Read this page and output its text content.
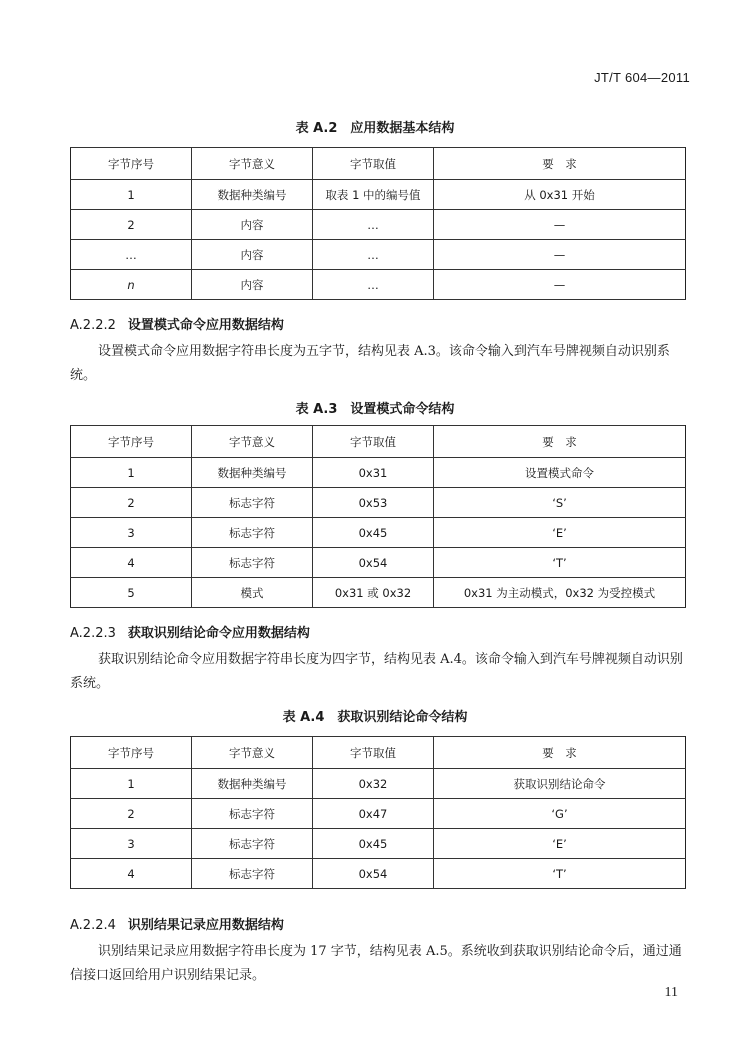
JT/T 604—2011
表 A.2　应用数据基本结构
字节序号	字节意义	字节取值	要　求
1	数据种类编号	取表 1 中的编号值	从 0x31 开始
2	内容	…	—
…	内容	…	—
n	内容	…	—
A.2.2.2 设置模式命令应用数据结构

设置模式命令应用数据字符串长度为五字节，结构见表 A.3。该命令输入到汽车号牌视频自动识别系统。

表 A.3　设置模式命令结构
字节序号	字节意义	字节取值	要　求
1	数据种类编号	0x31	设置模式命令
2	标志字符	0x53	‘S’
3	标志字符	0x45	‘E’
4	标志字符	0x54	‘T’
5	模式	0x31 或 0x32	0x31 为主动模式，0x32 为受控模式
A.2.2.3 获取识别结论命令应用数据结构

获取识别结论命令应用数据字符串长度为四字节，结构见表 A.4。该命令输入到汽车号牌视频自动识别系统。

表 A.4　获取识别结论命令结构
字节序号	字节意义	字节取值	要　求
1	数据种类编号	0x32	获取识别结论命令
2	标志字符	0x47	‘G’
3	标志字符	0x45	‘E’
4	标志字符	0x54	‘T’
A.2.2.4 识别结果记录应用数据结构

识别结果记录应用数据字符串长度为 17 字节，结构见表 A.5。系统收到获取识别结论命令后，通过通信接口返回给用户识别结果记录。

11
